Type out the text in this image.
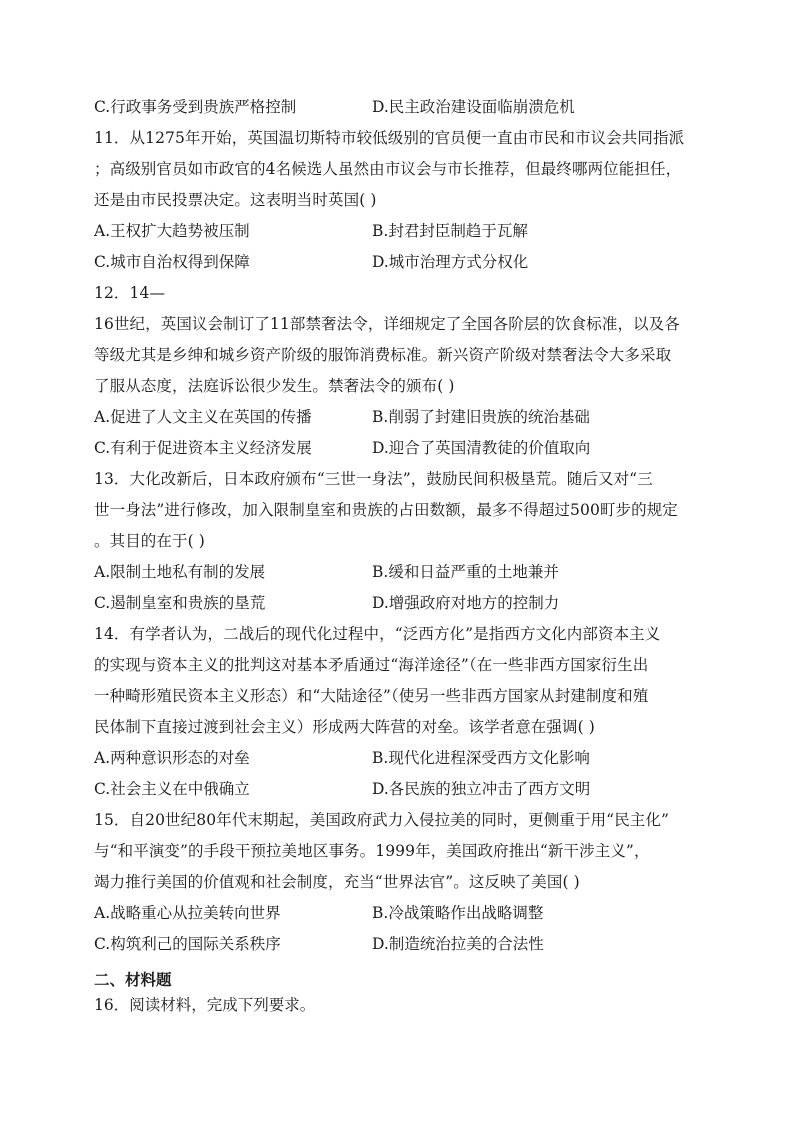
C.行政事务受到贵族严格控制	D.民主政治建设面临崩溃危机
11．从1275年开始，英国温切斯特市较低级别的官员便一直由市民和市议会共同指派
；高级别官员如市政官的4名候选人虽然由市议会与市长推荐，但最终哪两位能担任，
还是由市民投票决定。这表明当时英国( )
A.王权扩大趋势被压制	B.封君封臣制趋于瓦解
C.城市自治权得到保障	D.城市治理方式分权化
12．14—
16世纪，英国议会制订了11部禁奢法令，详细规定了全国各阶层的饮食标准，以及各
等级尤其是乡绅和城乡资产阶级的服饰消费标准。新兴资产阶级对禁奢法令大多采取
了服从态度，法庭诉讼很少发生。禁奢法令的颁布( )
A.促进了人文主义在英国的传播	B.削弱了封建旧贵族的统治基础
C.有利于促进资本主义经济发展	D.迎合了英国清教徒的价值取向
13．大化改新后，日本政府颁布“三世一身法”，鼓励民间积极垦荒。随后又对“三
世一身法”进行修改，加入限制皇室和贵族的占田数额，最多不得超过500町步的规定
。其目的在于( )
A.限制土地私有制的发展	B.缓和日益严重的土地兼并
C.遏制皇室和贵族的垦荒	D.增强政府对地方的控制力
14．有学者认为，二战后的现代化过程中，“泛西方化”是指西方文化内部资本主义
的实现与资本主义的批判这对基本矛盾通过“海洋途径”（在一些非西方国家衍生出
一种畸形殖民资本主义形态）和“大陆途径”（使另一些非西方国家从封建制度和殖
民体制下直接过渡到社会主义）形成两大阵营的对垒。该学者意在强调( )
A.两种意识形态的对垒	B.现代化进程深受西方文化影响
C.社会主义在中俄确立	D.各民族的独立冲击了西方文明
15．自20世纪80年代末期起，美国政府武力入侵拉美的同时，更侧重于用“民主化”
与“和平演变”的手段干预拉美地区事务。1999年，美国政府推出“新干涉主义”，
竭力推行美国的价值观和社会制度，充当“世界法官”。这反映了美国( )
A.战略重心从拉美转向世界	B.冷战策略作出战略调整
C.构筑利己的国际关系秩序	D.制造统治拉美的合法性
二、材料题
16．阅读材料，完成下列要求。
